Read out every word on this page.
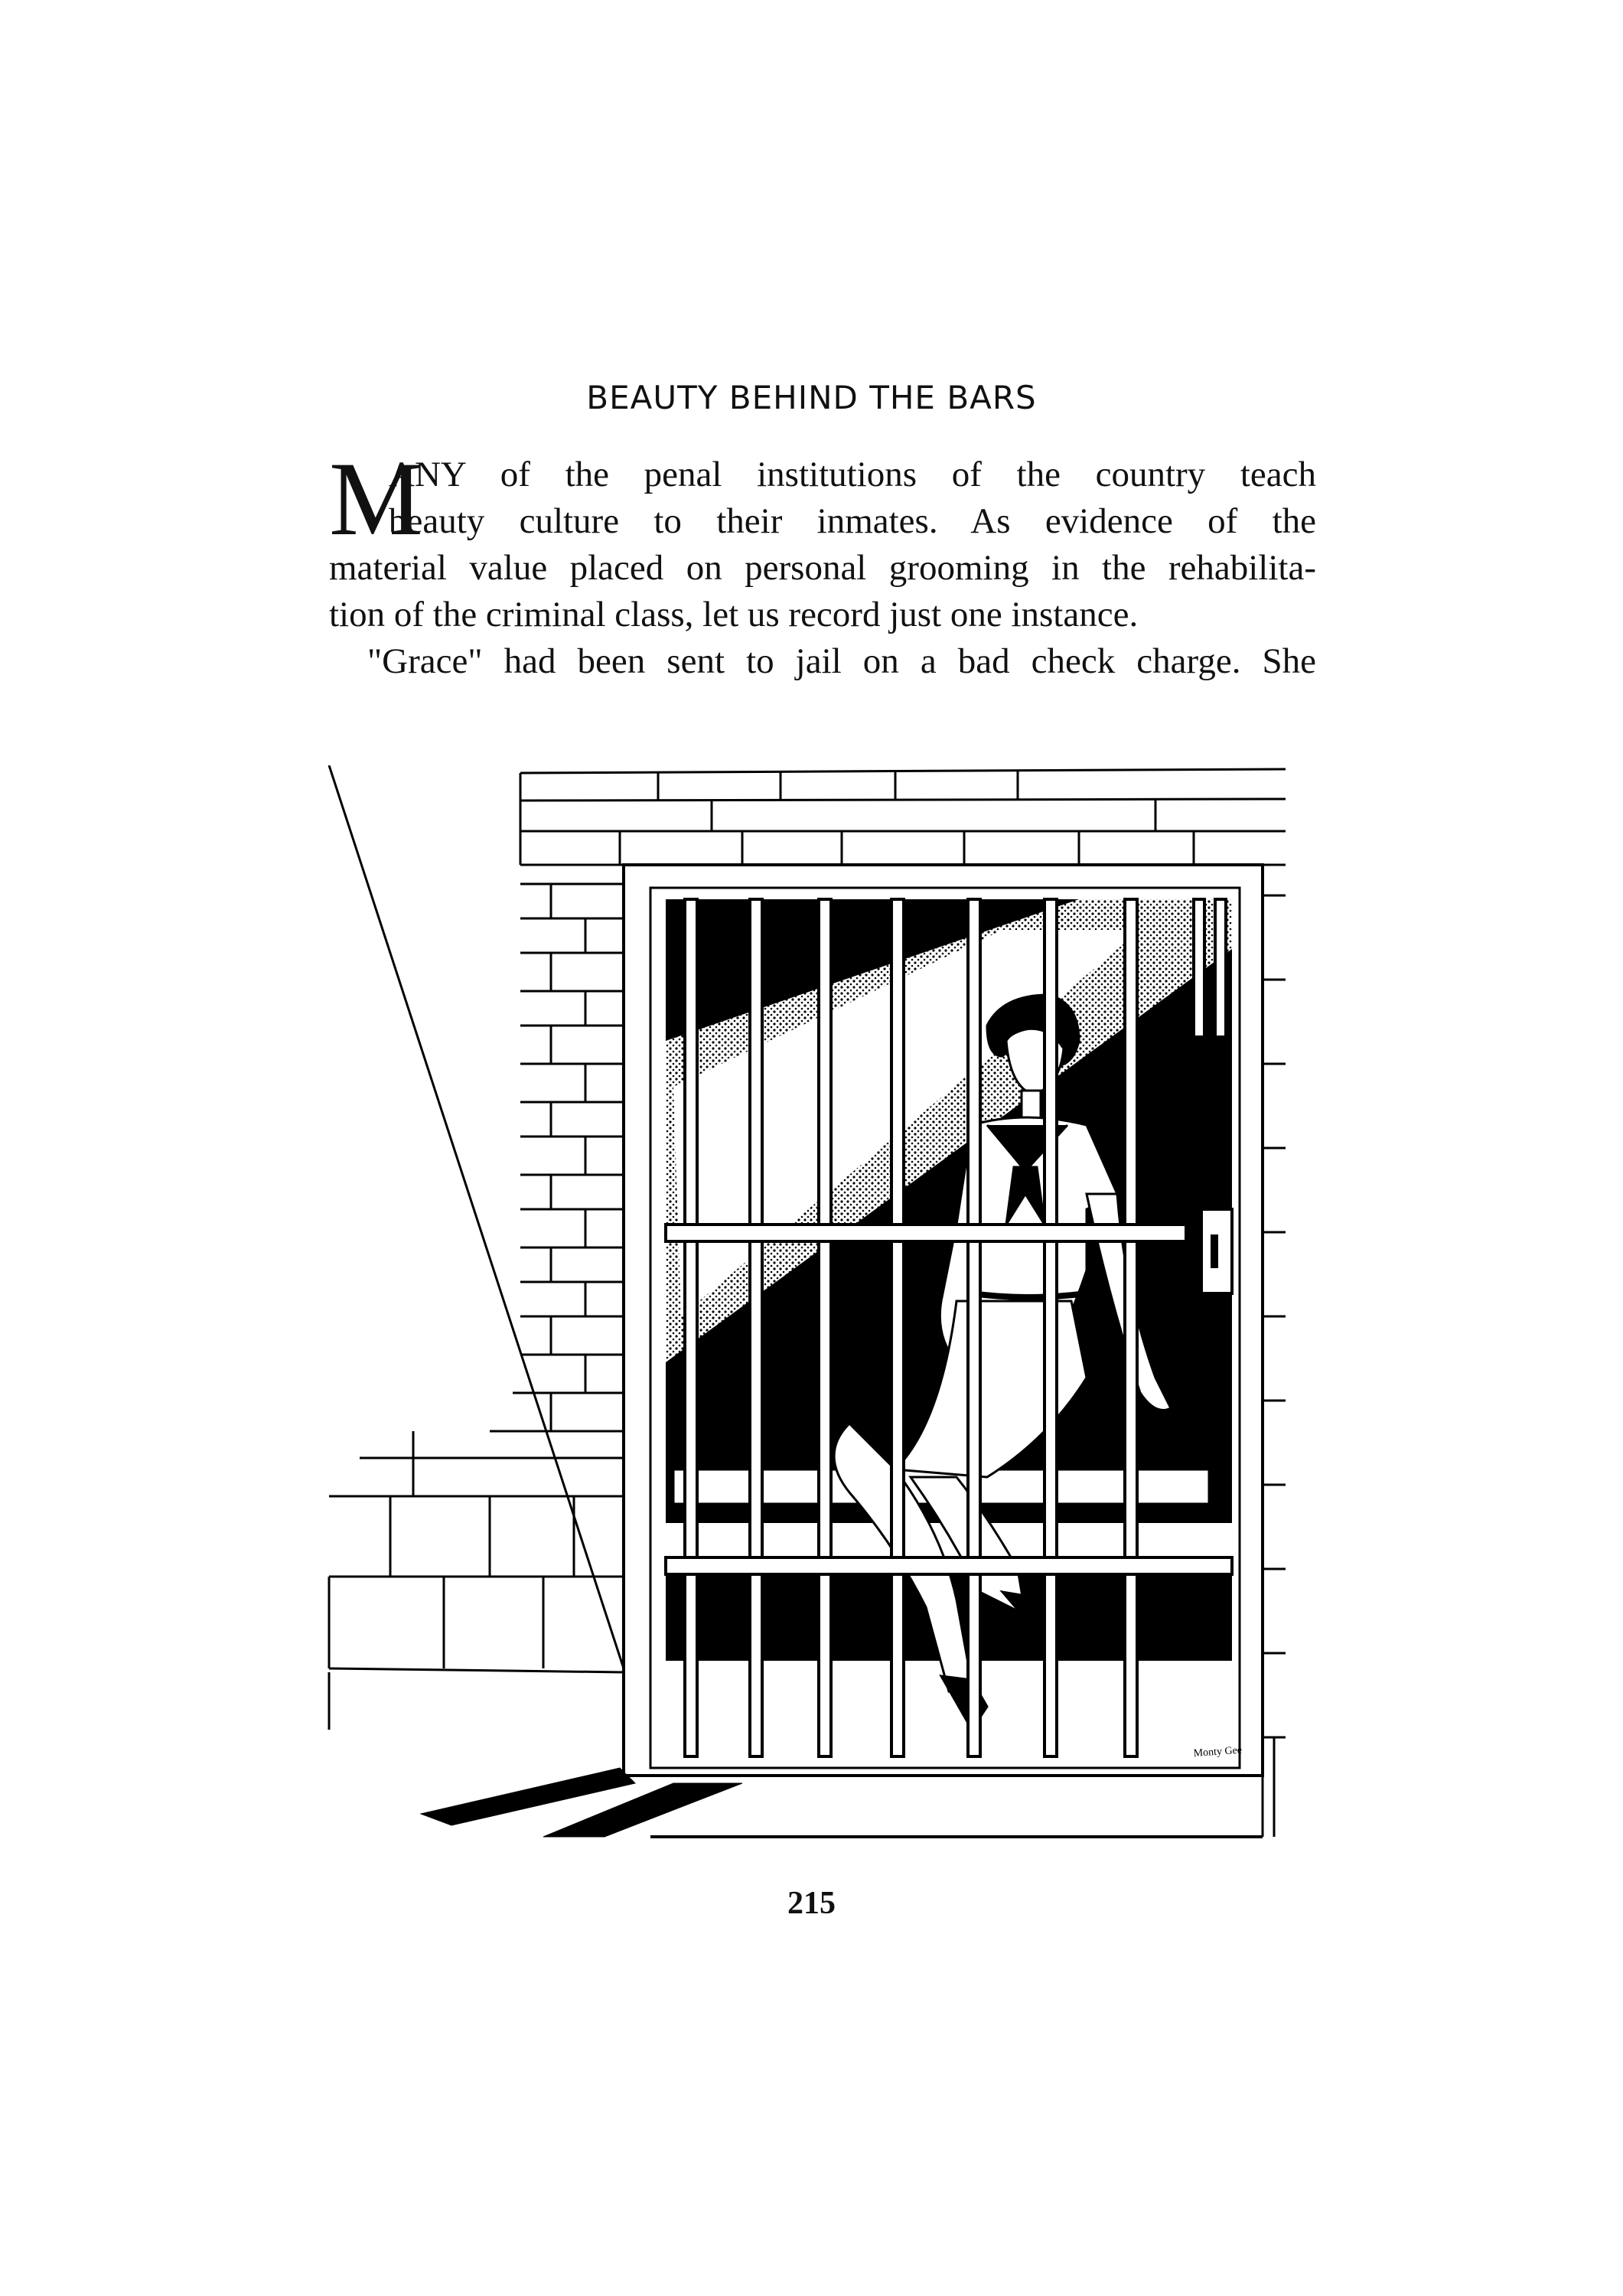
BEAUTY BEHIND THE BARS
M
ANY of the penal institutions of the country teach
beauty culture to their inmates. As evidence of the
material value placed on personal grooming in the rehabilita-
tion of the criminal class, let us record just one instance.
"Grace" had been sent to jail on a bad check charge. She
Monty Gee
215
